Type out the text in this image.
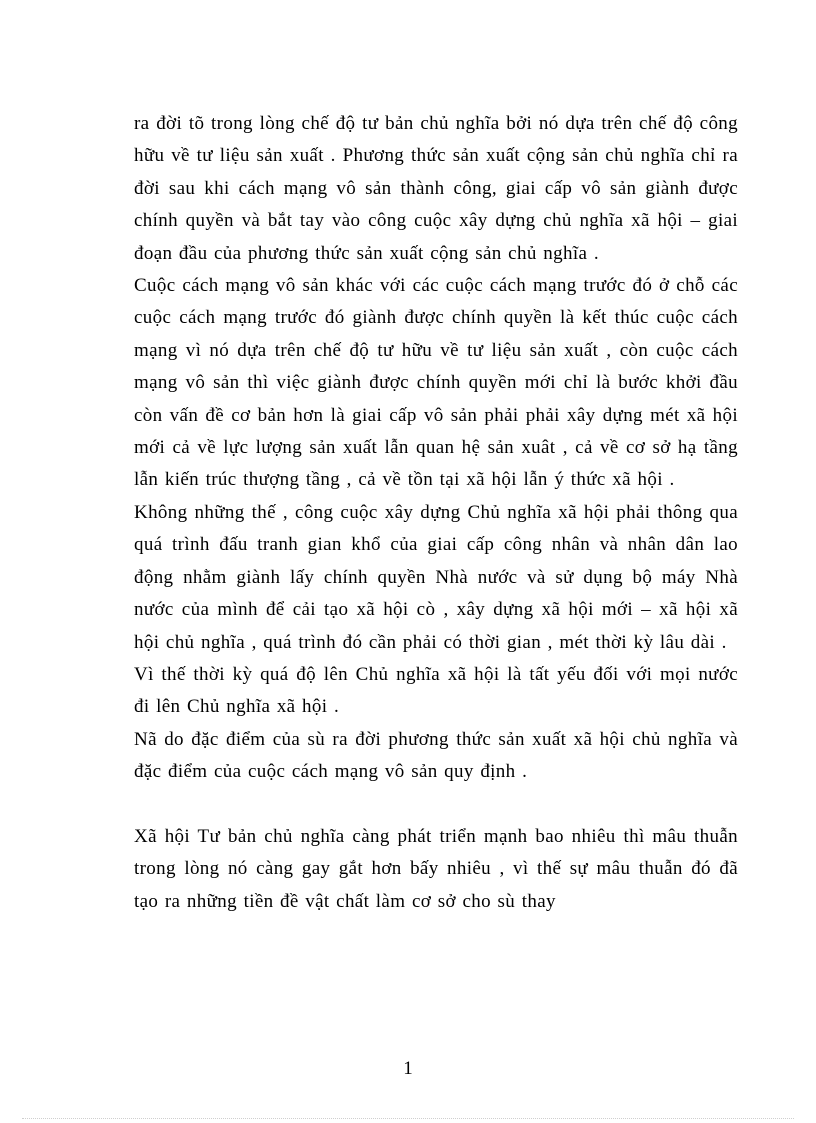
ra đời tõ trong lòng chế độ tư bản chủ nghĩa bởi nó dựa trên chế độ công hữu về tư liệu sản xuất . Phương thức sản xuất cộng sản chủ nghĩa chỉ ra đời sau khi cách mạng vô sản thành công, giai cấp vô sản giành được chính quyền và bắt tay vào công cuộc xây dựng chủ nghĩa xã hội – giai đoạn đầu của phương thức sản xuất cộng sản chủ nghĩa .

Cuộc cách mạng vô sản khác với các cuộc cách mạng trước đó ở chỗ các cuộc cách mạng trước đó giành được chính quyền là kết thúc cuộc cách mạng vì nó dựa trên chế độ tư hữu về tư liệu sản xuất , còn cuộc cách mạng vô sản thì việc giành được chính quyền mới chỉ là bước khởi đầu còn vấn đề cơ bản hơn là giai cấp vô sản phải phải xây dựng mét xã hội mới cả về lực lượng sản xuất lẫn quan hệ sản xuât , cả về cơ sở hạ tầng lẫn kiến trúc thượng tầng , cả về tồn tại xã hội lẫn ý thức xã hội .

Không những thế , công cuộc xây dựng Chủ nghĩa xã hội phải thông qua quá trình đấu tranh gian khổ của giai cấp công nhân và nhân dân lao động nhằm giành lấy chính quyền Nhà nước và sử dụng bộ máy Nhà nước của mình để cải tạo xã hội cò , xây dựng xã hội mới – xã hội xã hội chủ nghĩa , quá trình đó cần phải có thời gian , mét thời kỳ lâu dài .

Vì thế thời kỳ quá độ lên Chủ nghĩa xã hội là tất yếu đối với mọi nước đi lên Chủ nghĩa xã hội .

Nã do đặc điểm của sù ra đời phương thức sản xuất xã hội chủ nghĩa và đặc điểm của cuộc cách mạng vô sản quy định .

Xã hội Tư bản chủ nghĩa càng phát triển mạnh bao nhiêu thì mâu thuẫn trong lòng nó càng gay gắt hơn bấy nhiêu , vì thế sự mâu thuẫn đó đã tạo ra những tiền đề vật chất làm cơ sở cho sù thay

1
